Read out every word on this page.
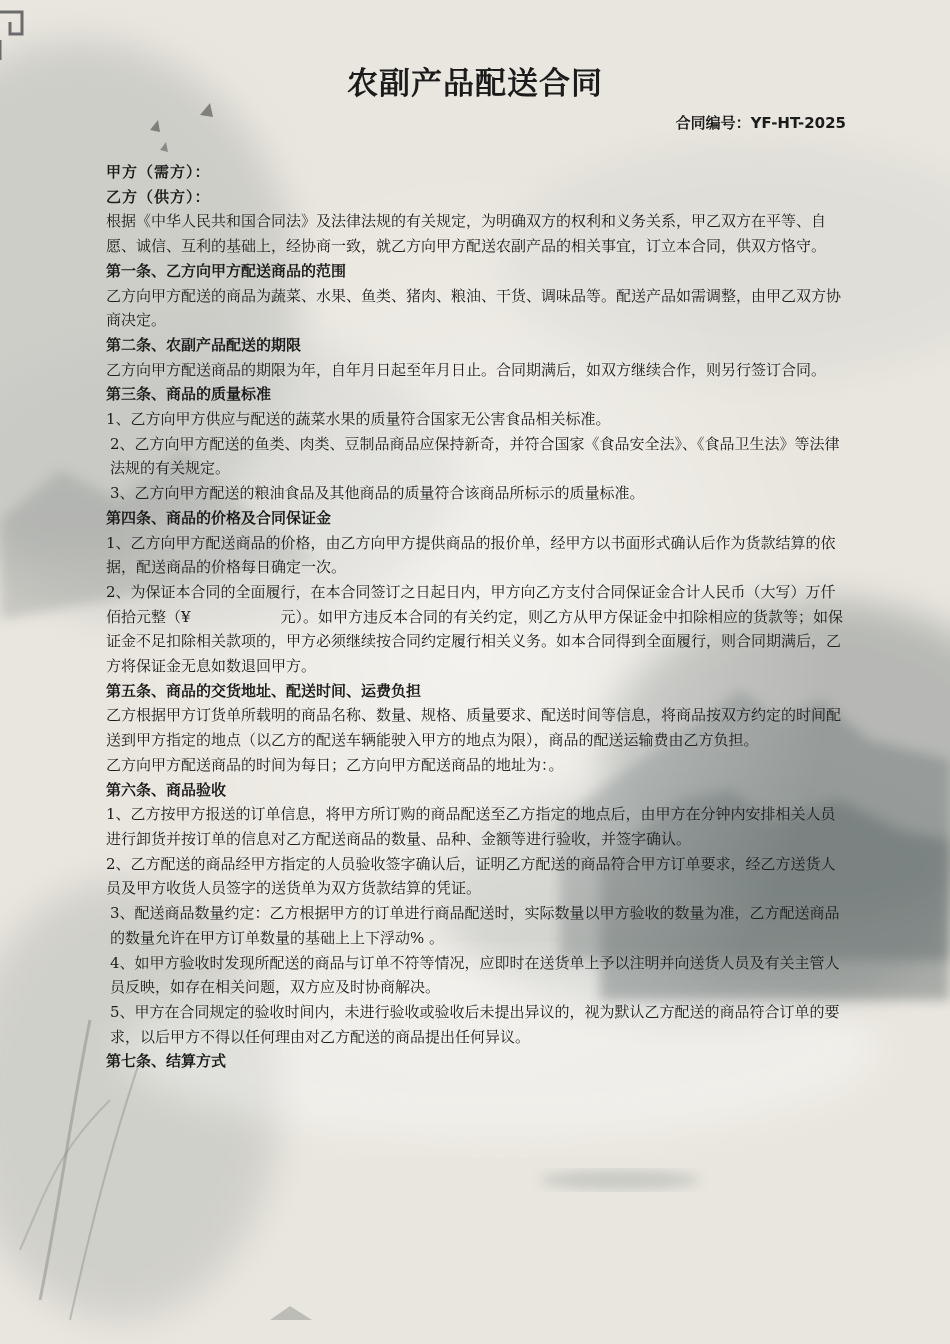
农副产品配送合同
合同编号：YF-HT-2025

甲方（需方）：

乙方（供方）：

根据《中华人民共和国合同法》及法律法规的有关规定，为明确双方的权利和义务关系，甲乙双方在平等、自愿、诚信、互利的基础上，经协商一致，就乙方向甲方配送农副产品的相关事宜，订立本合同，供双方恪守。

第一条、乙方向甲方配送商品的范围

乙方向甲方配送的商品为蔬菜、水果、鱼类、猪肉、粮油、干货、调味品等。配送产品如需调整，由甲乙双方协商决定。

第二条、农副产品配送的期限

乙方向甲方配送商品的期限为年，自年月日起至年月日止。合同期满后，如双方继续合作，则另行签订合同。

第三条、商品的质量标准

1、乙方向甲方供应与配送的蔬菜水果的质量符合国家无公害食品相关标准。

2、乙方向甲方配送的鱼类、肉类、豆制品商品应保持新奇，并符合国家《食品安全法》、《食品卫生法》等法律法规的有关规定。

3、乙方向甲方配送的粮油食品及其他商品的质量符合该商品所标示的质量标准。

第四条、商品的价格及合同保证金

1、乙方向甲方配送商品的价格，由乙方向甲方提供商品的报价单，经甲方以书面形式确认后作为货款结算的依据，配送商品的价格每日确定一次。

2、为保证本合同的全面履行，在本合同签订之日起日内，甲方向乙方支付合同保证金合计人民币（大写）万仟佰拾元整（¥　　　　　　元）。如甲方违反本合同的有关约定，则乙方从甲方保证金中扣除相应的货款等；如保证金不足扣除相关款项的，甲方必须继续按合同约定履行相关义务。如本合同得到全面履行，则合同期满后，乙方将保证金无息如数退回甲方。

第五条、商品的交货地址、配送时间、运费负担

乙方根据甲方订货单所载明的商品名称、数量、规格、质量要求、配送时间等信息，将商品按双方约定的时间配送到甲方指定的地点（以乙方的配送车辆能驶入甲方的地点为限），商品的配送运输费由乙方负担。

乙方向甲方配送商品的时间为每日；乙方向甲方配送商品的地址为：。

第六条、商品验收

1、乙方按甲方报送的订单信息，将甲方所订购的商品配送至乙方指定的地点后，由甲方在分钟内安排相关人员进行卸货并按订单的信息对乙方配送商品的数量、品种、金额等进行验收，并签字确认。

2、乙方配送的商品经甲方指定的人员验收签字确认后，证明乙方配送的商品符合甲方订单要求，经乙方送货人员及甲方收货人员签字的送货单为双方货款结算的凭证。

3、配送商品数量约定：乙方根据甲方的订单进行商品配送时，实际数量以甲方验收的数量为准，乙方配送商品的数量允许在甲方订单数量的基础上上下浮动% 。

4、如甲方验收时发现所配送的商品与订单不符等情况，应即时在送货单上予以注明并向送货人员及有关主管人员反映，如存在相关问题，双方应及时协商解决。

5、甲方在合同规定的验收时间内，未进行验收或验收后未提出异议的，视为默认乙方配送的商品符合订单的要求，以后甲方不得以任何理由对乙方配送的商品提出任何异议。

第七条、结算方式
